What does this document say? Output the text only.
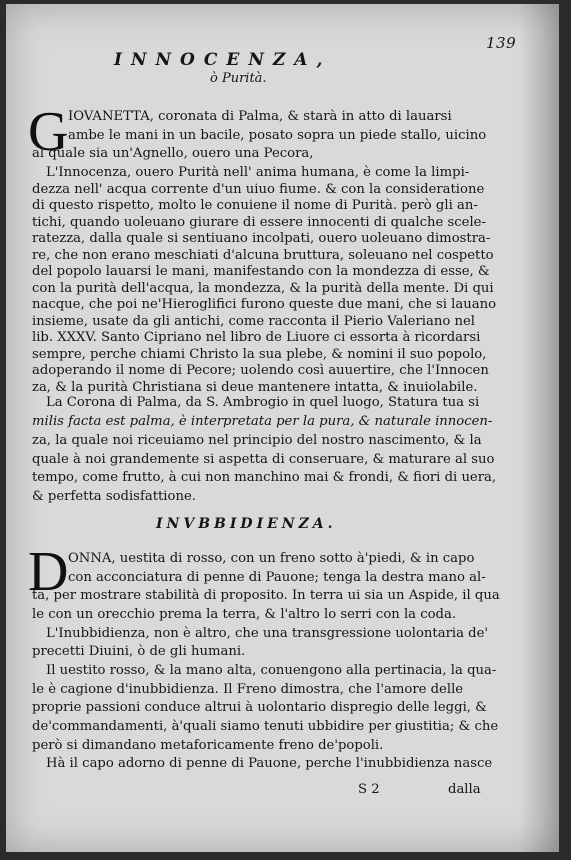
139
INNOCENZA,
ò Purità.
G IOVANETTA, coronata di Palma, & starà in atto di lauarsi
ambe le mani in un bacile, posato sopra un piede stallo, uicino
al quale sia un'Agnello, ouero una Pecora,
L'Innocenza, ouero Purità nell' anima humana, è come la limpi-
dezza nell' acqua corrente d'un uiuo fiume. & con la consideratione
di questo rispetto, molto le conuiene il nome di Purità. però gli an-
tichi, quando uoleuano giurare di essere innocenti di qualche scele-
ratezza, dalla quale si sentiuano incolpati, ouero uoleuano dimostra-
re, che non erano meschiati d'alcuna bruttura, soleuano nel cospetto
del popolo lauarsi le mani, manifestando con la mondezza di esse, &
con la purità dell'acqua, la mondezza, & la purità della mente. Di qui
nacque, che poi ne'Hieroglifici furono queste due mani, che si lauano
insieme, usate da gli antichi, come racconta il Pierio Valeriano nel
lib. XXXV. Santo Cipriano nel libro de Liuore ci essorta à ricordarsi
sempre, perche chiami Christo la sua plebe, & nomini il suo popolo,
adoperando il nome di Pecore; uolendo così auuertire, che l'Innocen
za, & la purità Christiana si deue mantenere intatta, & inuiolabile.
La Corona di Palma, da S. Ambrogio in quel luogo, Statura tua si
milis facta est palma, è interpretata per la pura, & naturale innocen-
za, la quale noi riceuiamo nel principio del nostro nascimento, & la
quale à noi grandemente si aspetta di conseruare, & maturare al suo
tempo, come frutto, à cui non manchino mai & frondi, & fiori di uera,
& perfetta sodisfattione.
INVBBIDIENZA.
D ONNA, uestita di rosso, con un freno sotto à'piedi, & in capo
con acconciatura di penne di Pauone; tenga la destra mano al-
ta, per mostrare stabilità di proposito. In terra ui sia un Aspide, il qua
le con un orecchio prema la terra, & l'altro lo serri con la coda.
L'Inubbidienza, non è altro, che una transgressione uolontaria de'
precetti Diuini, ò de gli humani.
Il uestito rosso, & la mano alta, conuengono alla pertinacia, la qua-
le è cagione d'inubbidienza. Il Freno dimostra, che l'amore delle
proprie passioni conduce altrui à uolontario dispregio delle leggi, &
de'commandamenti, à'quali siamo tenuti ubbidire per giustitia; & che
però si dimandano metaforicamente freno de'popoli.
Hà il capo adorno di penne di Pauone, perche l'inubbidienza nasce
S 2	dalla
